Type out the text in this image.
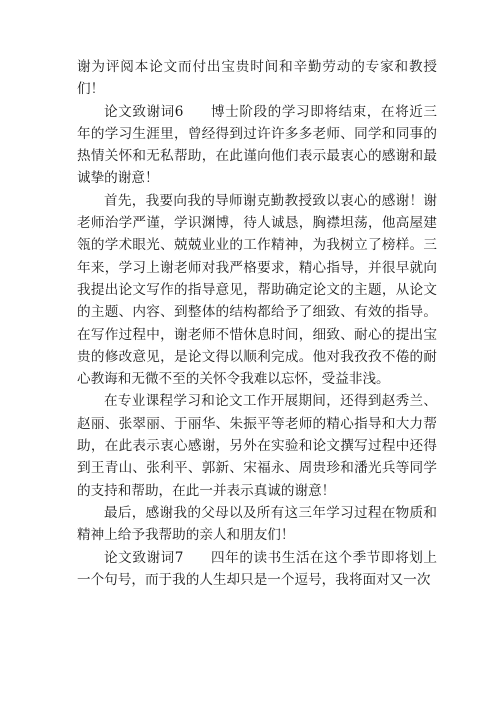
谢为评阅本论文而付出宝贵时间和辛勤劳动的专家和教授们！

论文致谢词6 博士阶段的学习即将结束，在将近三年的学习生涯里，曾经得到过许许多多老师、同学和同事的热情关怀和无私帮助，在此谨向他们表示最衷心的感谢和最诚挚的谢意！

首先，我要向我的导师谢克勤教授致以衷心的感谢！谢老师治学严谨，学识渊博，待人诚恳，胸襟坦荡，他高屋建瓴的学术眼光、兢兢业业的工作精神，为我树立了榜样。三年来，学习上谢老师对我严格要求，精心指导，并很早就向我提出论文写作的指导意见，帮助确定论文的主题，从论文的主题、内容、到整体的结构都给予了细致、有效的指导。在写作过程中，谢老师不惜休息时间，细致、耐心的提出宝贵的修改意见，是论文得以顺利完成。他对我孜孜不倦的耐心教诲和无微不至的关怀令我难以忘怀，受益非浅。

在专业课程学习和论文工作开展期间，还得到赵秀兰、赵丽、张翠丽、于丽华、朱振平等老师的精心指导和大力帮助，在此表示衷心感谢，另外在实验和论文撰写过程中还得到王青山、张利平、郭新、宋福永、周贵珍和潘光兵等同学的支持和帮助，在此一并表示真诚的谢意！

最后，感谢我的父母以及所有这三年学习过程在物质和精神上给予我帮助的亲人和朋友们！

论文致谢词7 四年的读书生活在这个季节即将划上一个句号，而于我的人生却只是一个逗号，我将面对又一次
